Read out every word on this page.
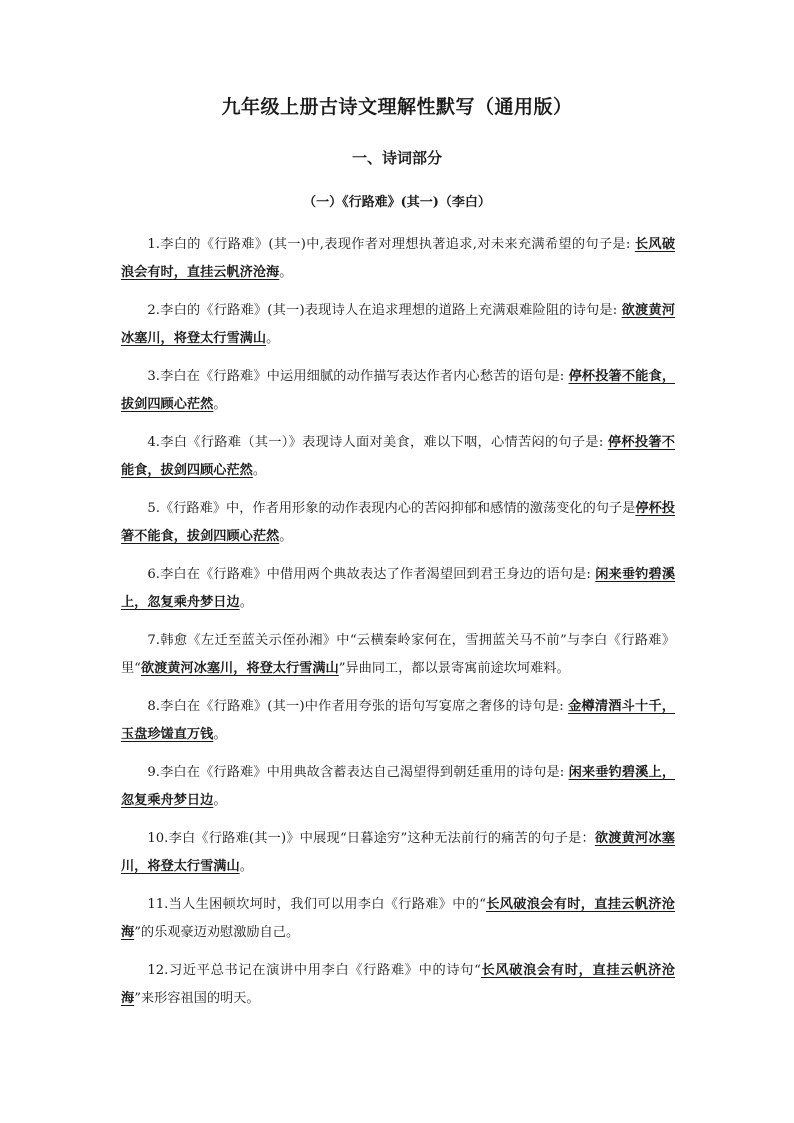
九年级上册古诗文理解性默写（通用版）
一、诗词部分
（一）《行路难》(其一)（李白）

1.李白的《行路难》(其一)中,表现作者对理想执著追求,对未来充满希望的句子是: 长风破浪会有时，直挂云帆济沧海。

2.李白的《行路难》(其一)表现诗人在追求理想的道路上充满艰难险阻的诗句是: 欲渡黄河冰塞川，将登太行雪满山。

3.李白在《行路难》中运用细腻的动作描写表达作者内心愁苦的语句是: 停杯投箸不能食，拔剑四顾心茫然。

4.李白《行路难（其一）》表现诗人面对美食，难以下咽，心情苦闷的句子是: 停杯投箸不能食，拔剑四顾心茫然。

5.《行路难》中，作者用形象的动作表现内心的苦闷抑郁和感情的激荡变化的句子是停杯投箸不能食，拔剑四顾心茫然。

6.李白在《行路难》中借用两个典故表达了作者渴望回到君王身边的语句是: 闲来垂钓碧溪上，忽复乘舟梦日边。

7.韩愈《左迁至蓝关示侄孙湘》中“云横秦岭家何在，雪拥蓝关马不前”与李白《行路难》里“欲渡黄河冰塞川，将登太行雪满山”异曲同工，都以景寄寓前途坎坷难料。

8.李白在《行路难》(其一)中作者用夸张的语句写宴席之奢侈的诗句是: 金樽清酒斗十千，玉盘珍馐直万钱。

9.李白在《行路难》中用典故含蓄表达自己渴望得到朝廷重用的诗句是: 闲来垂钓碧溪上，忽复乘舟梦日边。

10.李白《行路难(其一)》中展现“日暮途穷”这种无法前行的痛苦的句子是：欲渡黄河冰塞川，将登太行雪满山。

11.当人生困顿坎坷时，我们可以用李白《行路难》中的“长风破浪会有时，直挂云帆济沧海”的乐观豪迈劝慰激励自己。

12.习近平总书记在演讲中用李白《行路难》中的诗句“长风破浪会有时，直挂云帆济沧海”来形容祖国的明天。
